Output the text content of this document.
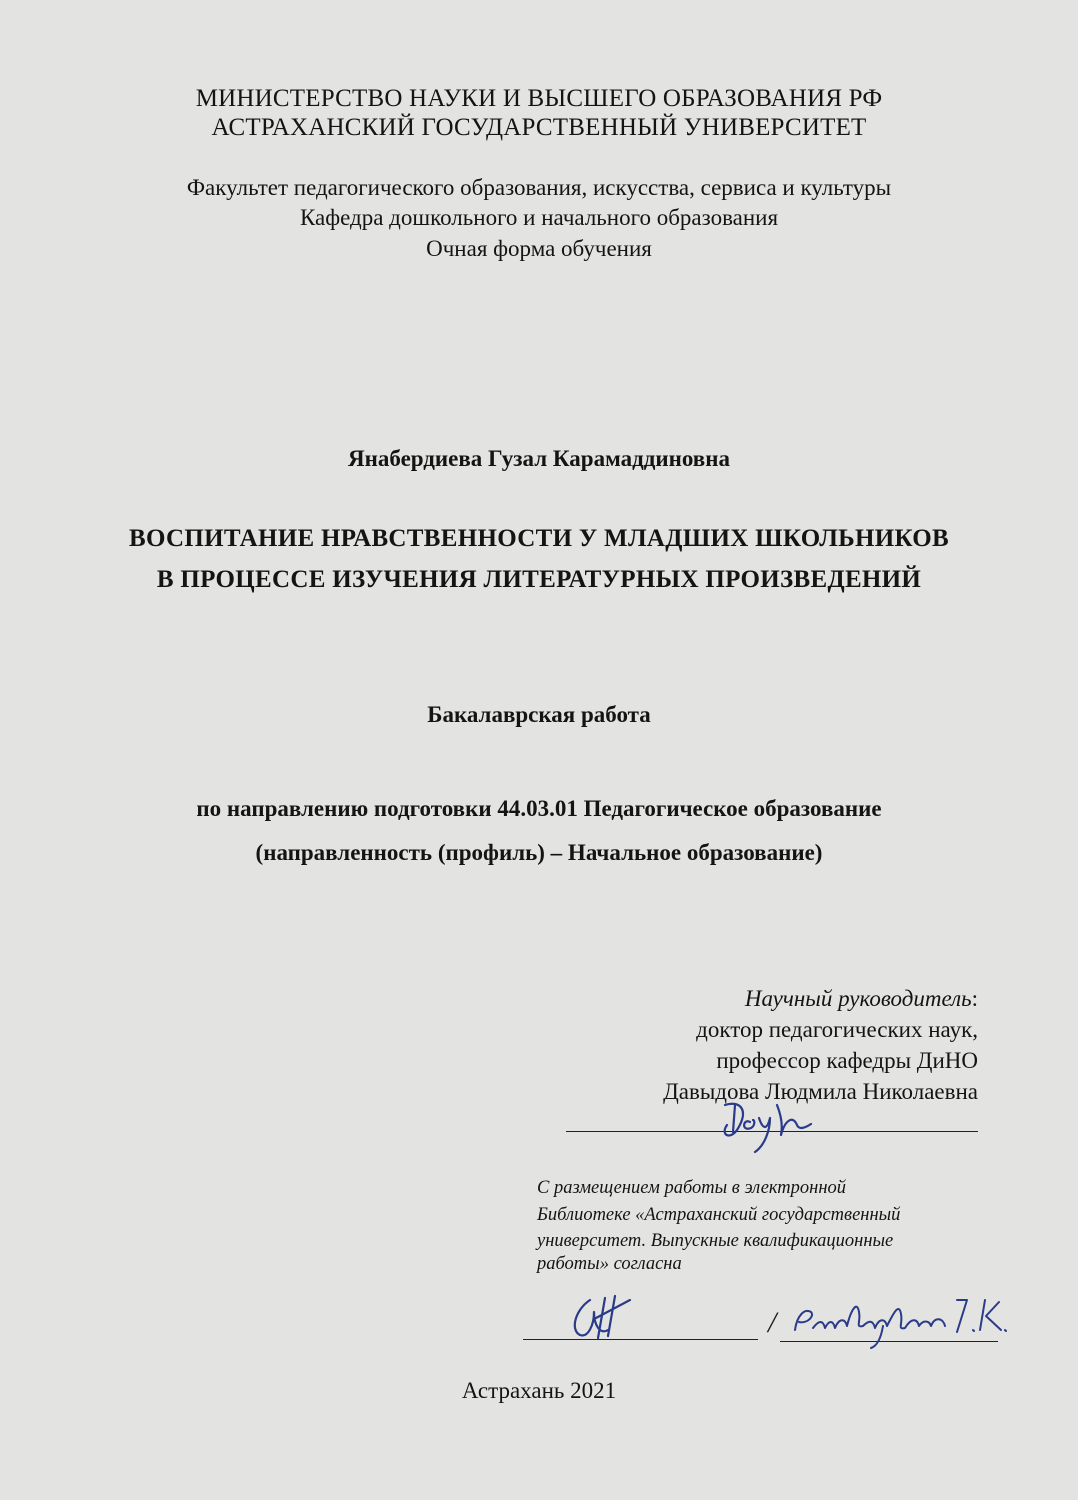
МИНИСТЕРСТВО НАУКИ И ВЫСШЕГО ОБРАЗОВАНИЯ РФ
АСТРАХАНСКИЙ ГОСУДАРСТВЕННЫЙ УНИВЕРСИТЕТ
Факультет педагогического образования, искусства, сервиса и культуры
Кафедра дошкольного и начального образования
Очная форма обучения
Янабердиева Гузал Карамаддиновна
ВОСПИТАНИЕ НРАВСТВЕННОСТИ У МЛАДШИХ ШКОЛЬНИКОВ
В ПРОЦЕССЕ ИЗУЧЕНИЯ ЛИТЕРАТУРНЫХ ПРОИЗВЕДЕНИЙ
Бакалаврская работа
по направлению подготовки 44.03.01 Педагогическое образование
(направленность (профиль) – Начальное образование)
Научный руководитель:
доктор педагогических наук,
профессор кафедры ДиНО
Давыдова Людмила Николаевна
С размещением работы в электронной
Библиотеке «Астраханский государственный
университет. Выпускные квалификационные
работы» согласна
/
Астрахань 2021
